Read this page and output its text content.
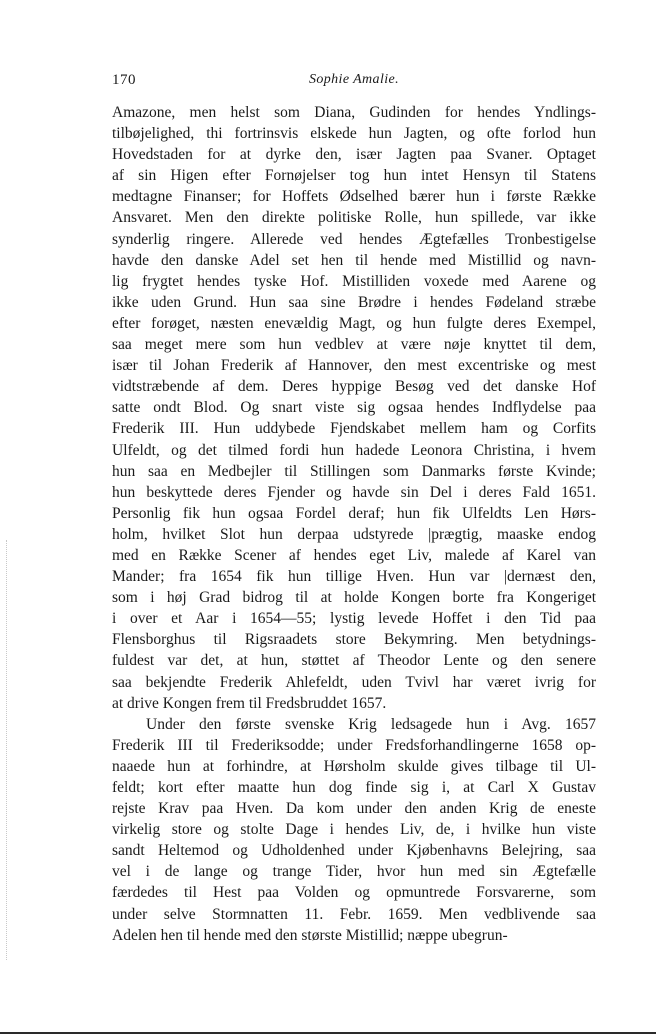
170	Sophie Amalie.
Amazone, men helst som Diana, Gudinden for hendes Yndlings-
tilbøjelighed, thi fortrinsvis elskede hun Jagten, og ofte forlod hun
Hovedstaden for at dyrke den, især Jagten paa Svaner. Optaget
af sin Higen efter Fornøjelser tog hun intet Hensyn til Statens
medtagne Finanser; for Hoffets Ødselhed bærer hun i første Række
Ansvaret. Men den direkte politiske Rolle, hun spillede, var ikke
synderlig ringere. Allerede ved hendes Ægtefælles Tronbestigelse
havde den danske Adel set hen til hende med Mistillid og navn-
lig frygtet hendes tyske Hof. Mistilliden voxede med Aarene og
ikke uden Grund. Hun saa sine Brødre i hendes Fødeland stræbe
efter forøget, næsten enevældig Magt, og hun fulgte deres Exempel,
saa meget mere som hun vedblev at være nøje knyttet til dem,
især til Johan Frederik af Hannover, den mest excentriske og mest
vidtstræbende af dem. Deres hyppige Besøg ved det danske Hof
satte ondt Blod. Og snart viste sig ogsaa hendes Indflydelse paa
Frederik III. Hun uddybede Fjendskabet mellem ham og Corfits
Ulfeldt, og det tilmed fordi hun hadede Leonora Christina, i hvem
hun saa en Medbejler til Stillingen som Danmarks første Kvinde;
hun beskyttede deres Fjender og havde sin Del i deres Fald 1651.
Personlig fik hun ogsaa Fordel deraf; hun fik Ulfeldts Len Hørs-
holm, hvilket Slot hun derpaa udstyrede |prægtig, maaske endog
med en Række Scener af hendes eget Liv, malede af Karel van
Mander; fra 1654 fik hun tillige Hven. Hun var |dernæst den,
som i høj Grad bidrog til at holde Kongen borte fra Kongeriget
i over et Aar i 1654—55; lystig levede Hoffet i den Tid paa
Flensborghus til Rigsraadets store Bekymring. Men betydnings-
fuldest var det, at hun, støttet af Theodor Lente og den senere
saa bekjendte Frederik Ahlefeldt, uden Tvivl har været ivrig for
at drive Kongen frem til Fredsbruddet 1657.
Under den første svenske Krig ledsagede hun i Avg. 1657
Frederik III til Frederiksodde; under Fredsforhandlingerne 1658 op-
naaede hun at forhindre, at Hørsholm skulde gives tilbage til Ul-
feldt; kort efter maatte hun dog finde sig i, at Carl X Gustav
rejste Krav paa Hven. Da kom under den anden Krig de eneste
virkelig store og stolte Dage i hendes Liv, de, i hvilke hun viste
sandt Heltemod og Udholdenhed under Kjøbenhavns Belejring, saa
vel i de lange og trange Tider, hvor hun med sin Ægtefælle
færdedes til Hest paa Volden og opmuntrede Forsvarerne, som
under selve Stormnatten 11. Febr. 1659. Men vedblivende saa
Adelen hen til hende med den største Mistillid; næppe ubegrun-
